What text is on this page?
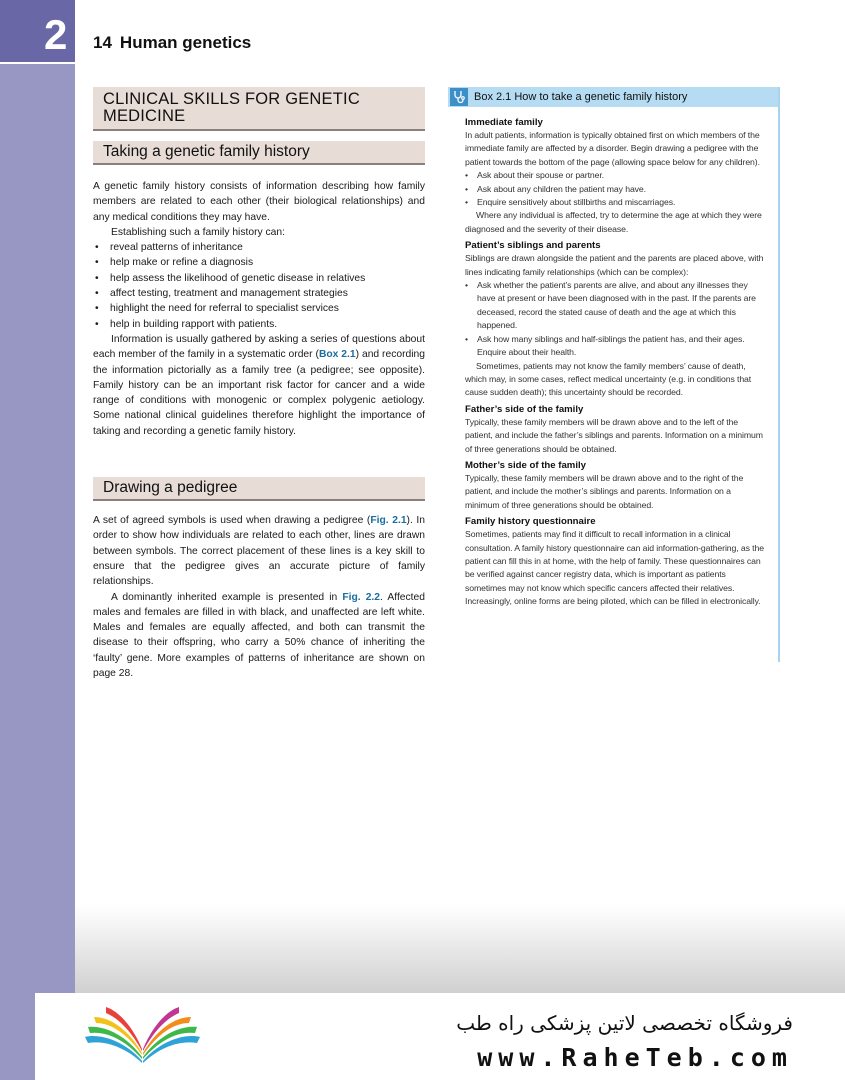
2 14 Human genetics
CLINICAL SKILLS FOR GENETIC MEDICINE
Taking a genetic family history

A genetic family history consists of information describing how family members are related to each other (their biological relationships) and any medical conditions they may have.

Establishing such a family history can:

• reveal patterns of inheritance
• help make or refine a diagnosis
• help assess the likelihood of genetic disease in relatives
• affect testing, treatment and management strategies
• highlight the need for referral to specialist services
• help in building rapport with patients.

Information is usually gathered by asking a series of questions about each member of the family in a systematic order (Box 2.1) and recording the information pictorially as a family tree (a pedigree; see opposite). Family history can be an important risk factor for cancer and a wide range of conditions with monogenic or complex polygenic aetiology. Some national clinical guidelines therefore highlight the importance of taking and recording a genetic family history.

Drawing a pedigree

A set of agreed symbols is used when drawing a pedigree (Fig. 2.1). In order to show how individuals are related to each other, lines are drawn between symbols. The correct placement of these lines is a key skill to ensure that the pedigree gives an accurate picture of family relationships.

A dominantly inherited example is presented in Fig. 2.2. Affected males and females are filled in with black, and unaffected are left white. Males and females are equally affected, and both can transmit the disease to their offspring, who carry a 50% chance of inheriting the ‘faulty’ gene. More examples of patterns of inheritance are shown on page 28.

Box 2.1 How to take a genetic family history
Immediate family

In adult patients, information is typically obtained first on which members of the immediate family are affected by a disorder. Begin drawing a pedigree with the patient towards the bottom of the page (allowing space below for any children).

• Ask about their spouse or partner.
• Ask about any children the patient may have.
• Enquire sensitively about stillbirths and miscarriages.

Where any individual is affected, try to determine the age at which they were diagnosed and the severity of their disease.

Patient’s siblings and parents

Siblings are drawn alongside the patient and the parents are placed above, with lines indicating family relationships (which can be complex):

• Ask whether the patient’s parents are alive, and about any illnesses they have at present or have been diagnosed with in the past. If the parents are deceased, record the stated cause of death and the age at which this happened.
• Ask how many siblings and half-siblings the patient has, and their ages. Enquire about their health.

Sometimes, patients may not know the family members’ cause of death, which may, in some cases, reflect medical uncertainty (e.g. in conditions that cause sudden death); this uncertainty should be recorded.

Father’s side of the family

Typically, these family members will be drawn above and to the left of the patient, and include the father’s siblings and parents. Information on a minimum of three generations should be obtained.

Mother’s side of the family

Typically, these family members will be drawn above and to the right of the patient, and include the mother’s siblings and parents. Information on a minimum of three generations should be obtained.

Family history questionnaire

Sometimes, patients may find it difficult to recall information in a clinical consultation. A family history questionnaire can aid information-gathering, as the patient can fill this in at home, with the help of family. These questionnaires can be verified against cancer registry data, which is important as patients sometimes may not know which specific cancers affected their relatives. Increasingly, online forms are being piloted, which can be filled in electronically.

فروشگاه تخصصی لاتین پزشکی راه طب
www.RaheTeb.com
